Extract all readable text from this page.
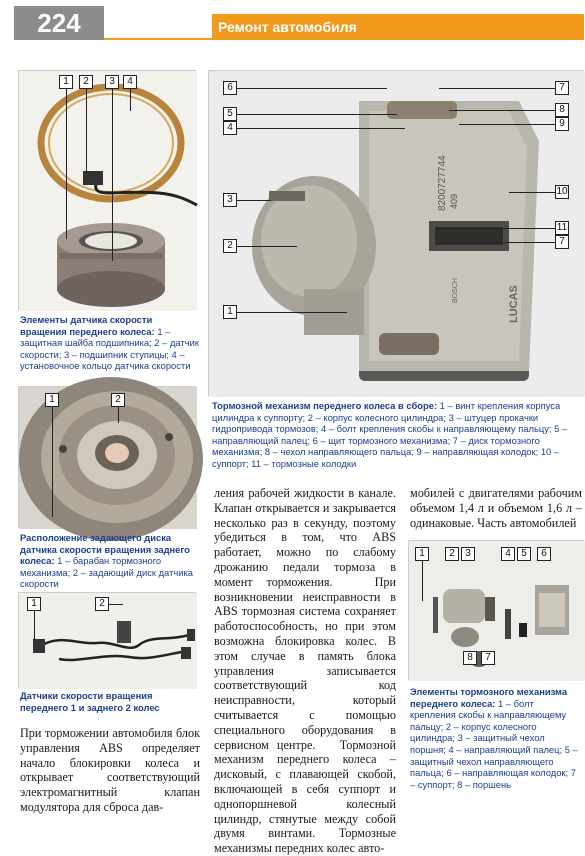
224	Ремонт автомобиля
1	2	3	4
Элементы датчика скорости вращения переднего колеса: 1 – защитная шайба подшипника; 2 – датчик скорости; 3 – подшипник ступицы; 4 – установочное кольцо датчика скорости
8200727744 409
LUCAS
BOSCH
6
5
4
3
2
1
7
8
9
10
11
7
Тормозной механизм переднего колеса в сборе: 1 – винт крепления корпуса цилиндра к суппорту; 2 – корпус колесного цилиндра; 3 – штуцер прокачки гидропривода тормозов; 4 – болт крепления скобы к направляющему пальцу; 5 – направляющий палец; 6 – щит тормозного механизма; 7 – диск тормозного механизма; 8 – чехол направляющего пальца; 9 – направляющая колодок; 10 – суппорт; 11 – тормозные колодки
1	2
Расположение задающего диска датчика скорости вращения заднего колеса: 1 – барабан тормозного механизма; 2 – задающий диск датчика скорости
1	2
Датчики скорости вращения переднего 1 и заднего 2 колес
1	2	3	4	5	6
8	7
Элементы тормозного механизма переднего колеса: 1 – болт крепления скобы к направляющему пальцу; 2 – корпус колесного цилиндра; 3 – защитный чехол поршня; 4 – направляющий палец; 5 – защитный чехол направляющего пальца; 6 – направляющая колодок; 7 – суппорт; 8 – поршень
При торможении автомобиля блок управления ABS определяет начало блокировки колеса и открывает соответствующий электромагнитный клапан модулятора для сброса дав-
ления рабочей жидкости в канале. Клапан открывается и закрывается несколько раз в секунду, поэтому убедиться в том, что ABS работает, можно по слабому дрожанию педали тормоза в момент торможения.   При возникновении неисправности в ABS тормозная система сохраняет работоспособность, но при этом возможна блокировка колес. В этом случае в память блока управления записывается соответствующий код неисправности, который считывается с помощью специального оборудования в сервисном центре.   Тормозной механизм переднего колеса – дисковый, с плавающей скобой, включающей в себя суппорт и однопоршневой колесный цилиндр, стянутые между собой двумя винтами. Тормозные механизмы передних колес авто-
мобилей с двигателями рабочим объемом 1,4 л и объемом 1,6 л – одинаковые. Часть автомобилей
